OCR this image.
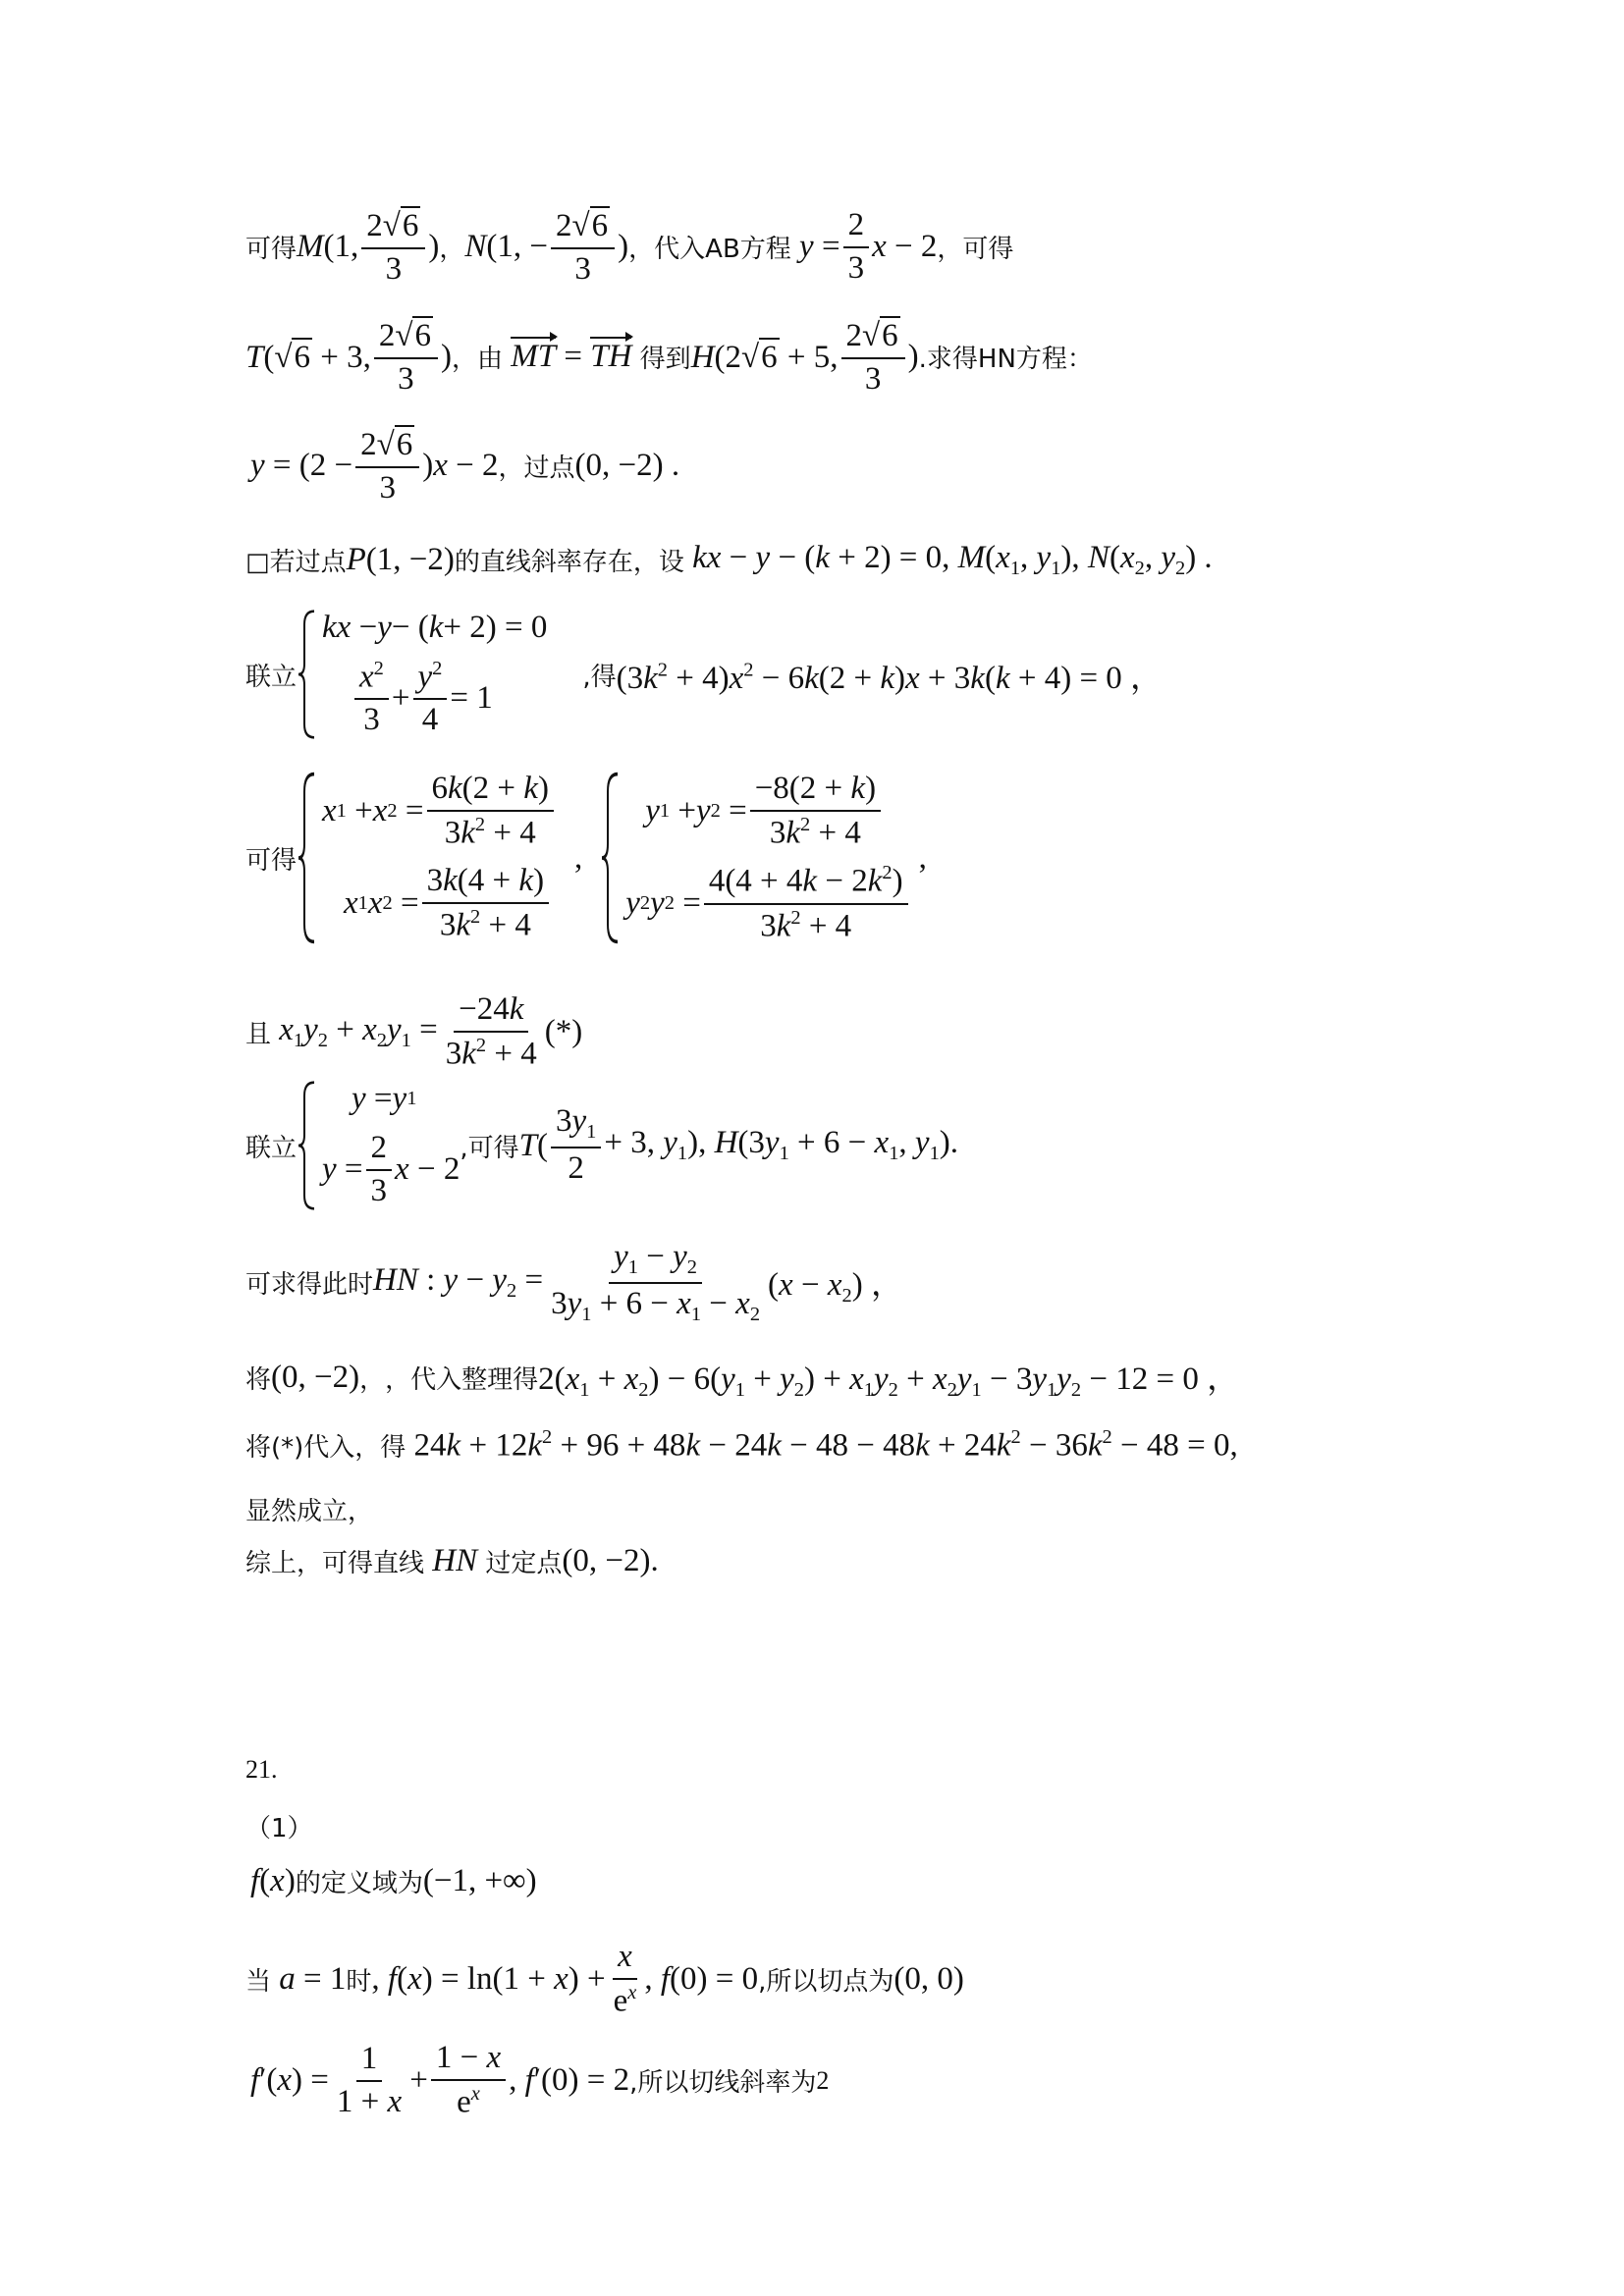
可得 M(1, $\frac{2 √ 6}{3}$ ) ， N(1, − $\frac{2 √ 6}{3}$ ) ， 代入AB方程 $y = \frac{2}{3}$ x − 2 ，可得
T( √ 6 + 3, $\frac{2 √ 6}{3}$ ) ， 由 MT = TH 得到 H(2 √ 6 + 5, $\frac{2 √ 6}{3}$ ) .求得HN方程：
$y = (2 - \frac{2 √ 6}{3} )x - 2$ ，过点 (0, −2) .
□若过点 P(1, −2) 的直线斜率存在，设 kx − y − (k + 2) = 0, $M(x_1$, $y_1$), $N(x_2$, $y_2$) .
联立
kx − y − ( k + 2) = 0
$\frac{x^2}{3} + \frac{y^2}{4} = 1$
,得 $(3k^2 + 4)x^2 - 6k(2 + k)x + 3k(k + 4) = 0$ ，
可得
x 1 + x $2 = \frac{6k(2 + k)}{3k^2 + 4}$
x 1 x $2 = \frac{3k(4 + k)}{3k^2 + 4}$
,
y 1 + y $2 = \frac{-8(2 + k)}{3k^2 + 4}$
y 2 y $2 = \frac{4(4 + 4k - 2k^2)}{3k^2 + 4}$
,
且 $x_1y_2 + x_2y_1 = \frac{-24k}{3k^2 + 4}$ (*)
联立
y = y 1
$y = \frac{2}{3}$ x − 2
,可得 $T( \frac{3y_1}{2} + 3$, $y_1$), $H(3y_1 + 6 - x_1$, $y_1$).
可求得此时 HN : $y - y_2 = \frac{y_1 - y_2}{3y_1 + 6 - x_1 - x_2} (x - x_2)$ ，
将 (0, −2) ， ，代入整理得 $2(x_1 + x_2) - 6(y_1 + y_2) + x_1y_2 + x_2y_1 - 3y_1y_2 - 12 = 0$ ，
将(*)代入，得 $24k + 12k^2 + 96 + 48k - 24k - 48 - 48k + 24k^2 - 36k^2 - 48 = 0$,
显然成立，
综上，可得直线 HN 过定点 (0, −2).
21.
（1）
f(x) 的定义域为 (−1, +∞)
当 a = 1 时 , $f(x) = \ln(1 + x) + \frac{x}{e^x}$ , f(0) = 0 ,所以切点为 (0, 0)
$f'(x) = \frac{1}{1 + x} + \frac{1 - x}{e^x}$ , f′(0) = 2 ,所以切线斜率为 2
